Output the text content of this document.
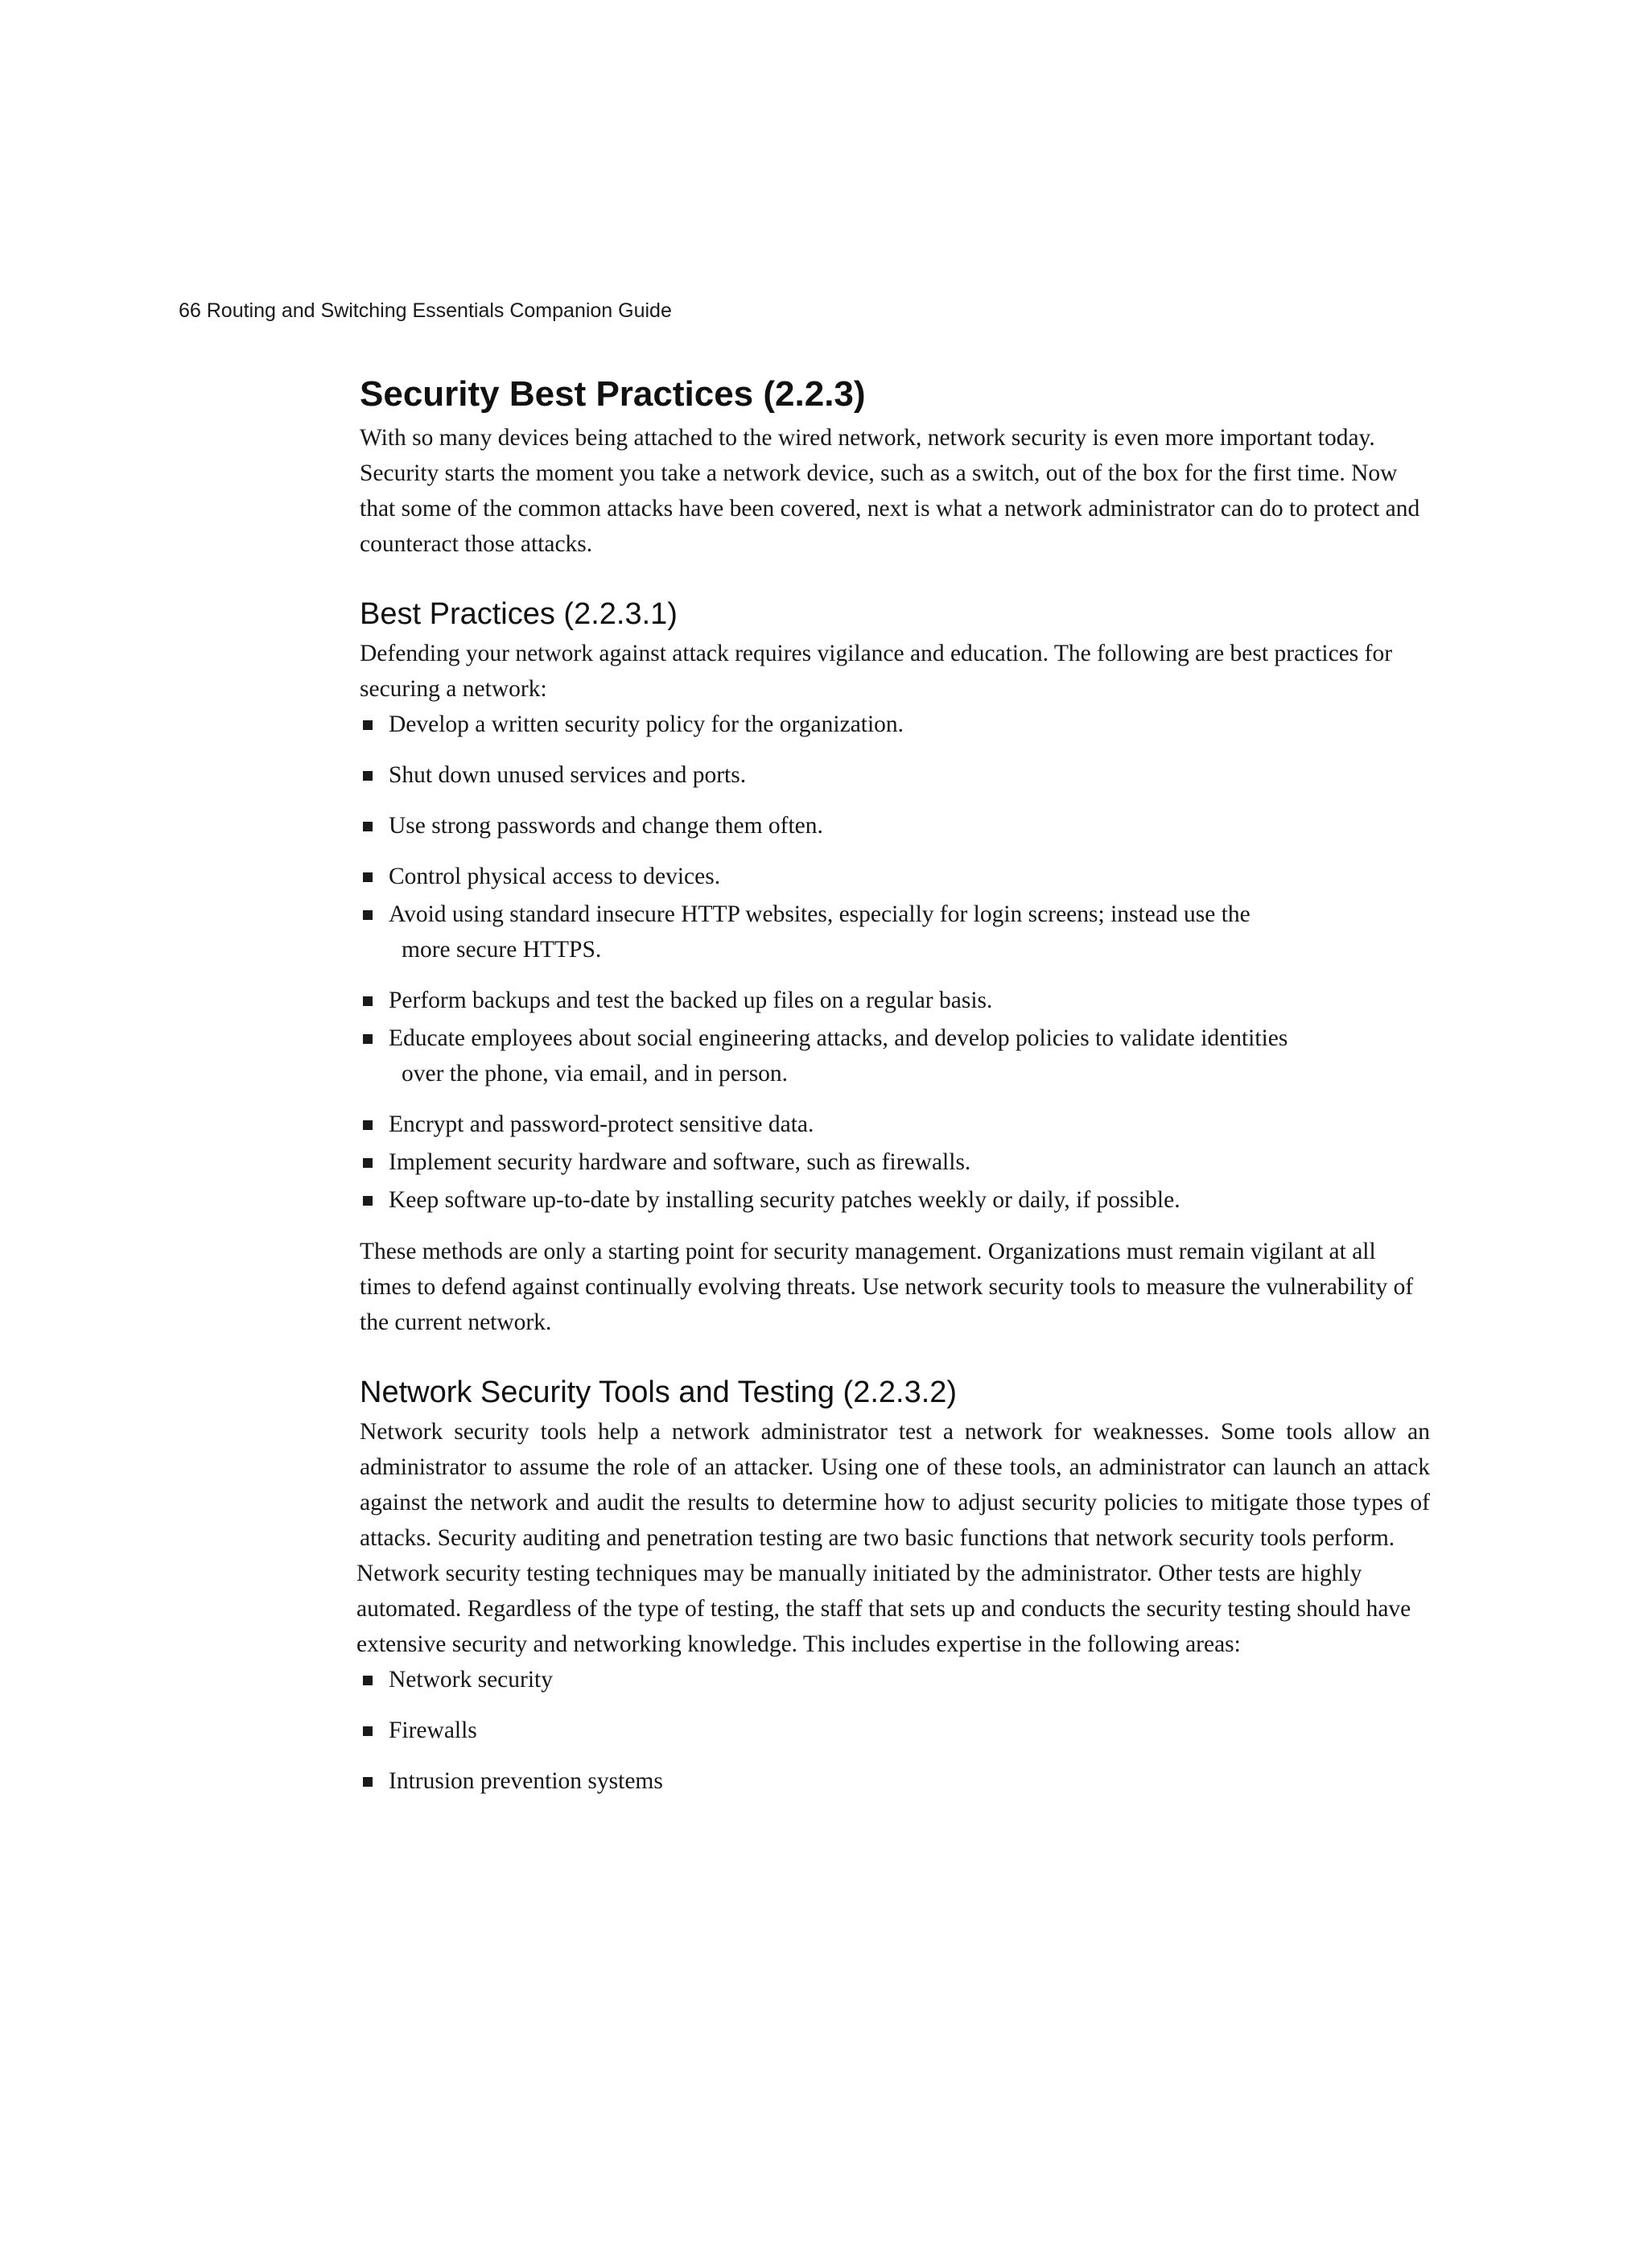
66 Routing and Switching Essentials Companion Guide
Security Best Practices (2.2.3)

With so many devices being attached to the wired network, network security is even more important today. Security starts the moment you take a network device, such as a switch, out of the box for the first time. Now that some of the common attacks have been covered, next is what a network administrator can do to protect and counteract those attacks.

Best Practices (2.2.3.1)

Defending your network against attack requires vigilance and education. The following are best practices for securing a network:

Develop a written security policy for the organization.
Shut down unused services and ports.
Use strong passwords and change them often.
Control physical access to devices.
Avoid using standard insecure HTTP websites, especially for login screens; instead use the
more secure HTTPS.
Perform backups and test the backed up files on a regular basis.
Educate employees about social engineering attacks, and develop policies to validate identities
over the phone, via email, and in person.
Encrypt and password-protect sensitive data.
Implement security hardware and software, such as firewalls.
Keep software up-to-date by installing security patches weekly or daily, if possible.

These methods are only a starting point for security management. Organizations must remain vigilant at all times to defend against continually evolving threats. Use network security tools to measure the vulnerability of the current network.

Network Security Tools and Testing (2.2.3.2)

Network security tools help a network administrator test a network for weaknesses. Some tools allow an administrator to assume the role of an attacker. Using one of these tools, an administrator can launch an attack against the network and audit the results to determine how to adjust security policies to mitigate those types of attacks. Security auditing and penetration testing are two basic functions that network security tools perform.

Network security testing techniques may be manually initiated by the administrator. Other tests are highly automated. Regardless of the type of testing, the staff that sets up and conducts the security testing should have extensive security and networking knowledge. This includes expertise in the following areas:

Network security
Firewalls
Intrusion prevention systems
